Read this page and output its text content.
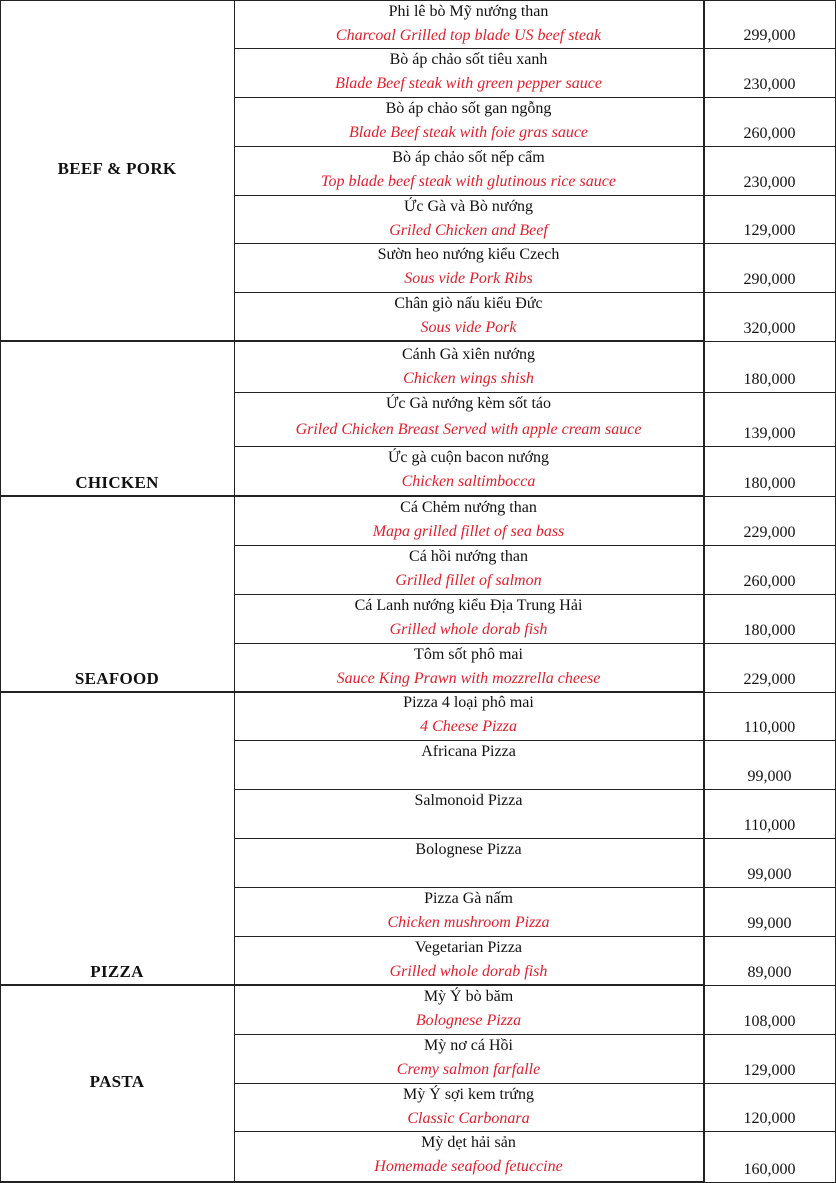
BEEF & PORK
Phi lê bò Mỹ nướng than
Charcoal Grilled top blade US beef steak	299,000
Bò áp chảo sốt tiêu xanh
Blade Beef steak with green pepper sauce	230,000
Bò áp chảo sốt gan ngỗng
Blade Beef steak with foie gras sauce	260,000
Bò áp chảo sốt nếp cẩm
Top blade beef steak with glutinous rice sauce	230,000
Ức Gà và Bò nướng
Griled Chicken and Beef	129,000
Sườn heo nướng kiểu Czech
Sous vide Pork Ribs	290,000
Chân giò nấu kiểu Đức
Sous vide Pork	320,000
CHICKEN
Cánh Gà xiên nướng
Chicken wings shish	180,000
Ức Gà nướng kèm sốt táo
Griled Chicken Breast Served with apple cream sauce	139,000
Ức gà cuộn bacon nướng
Chicken saltimbocca	180,000
SEAFOOD
Cá Chẻm nướng than
Mapa grilled fillet of sea bass	229,000
Cá hồi nướng than
Grilled fillet of salmon	260,000
Cá Lanh nướng kiểu Địa Trung Hải
Grilled whole dorab fish	180,000
Tôm sốt phô mai
Sauce King Prawn with mozzrella cheese	229,000
PIZZA
Pizza 4 loại phô mai
4 Cheese Pizza	110,000
Africana Pizza
99,000
Salmonoid Pizza
110,000
Bolognese Pizza
99,000
Pizza Gà nấm
Chicken mushroom Pizza	99,000
Vegetarian Pizza
Grilled whole dorab fish	89,000
PASTA
Mỳ Ý bò băm
Bolognese Pizza	108,000
Mỳ nơ cá Hồi
Cremy salmon farfalle	129,000
Mỳ Ý sợi kem trứng
Classic Carbonara	120,000
Mỳ dẹt hải sản
Homemade seafood fetuccine	160,000
